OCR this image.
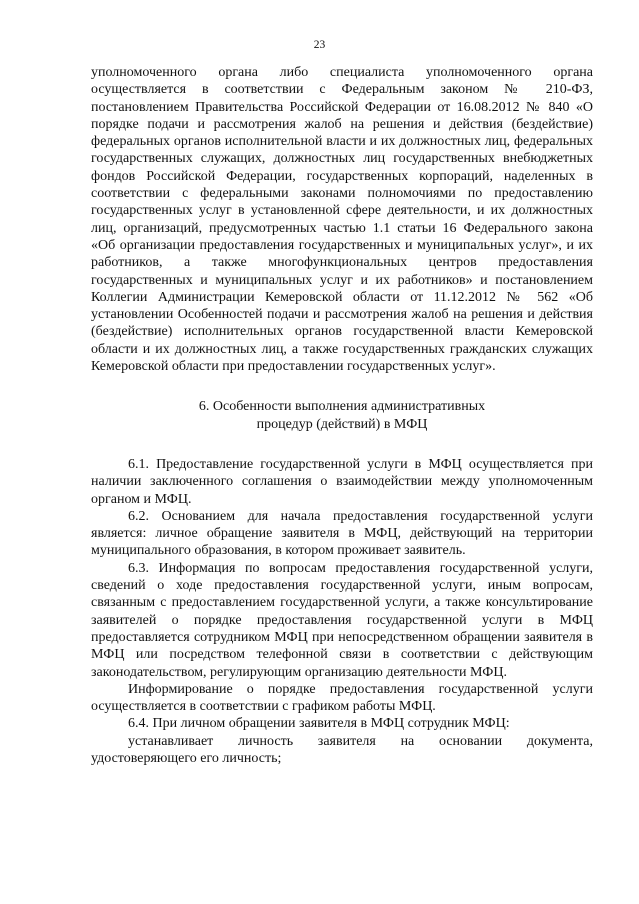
23

уполномоченного органа либо специалиста уполномоченного органа осуществляется в соответствии с Федеральным законом № 210-ФЗ, постановлением Правительства Российской Федерации от 16.08.2012 № 840 «О порядке подачи и рассмотрения жалоб на решения и действия (бездействие) федеральных органов исполнительной власти и их должностных лиц, федеральных государственных служащих, должностных лиц государственных внебюджетных фондов Российской Федерации, государственных корпораций, наделенных в соответствии с федеральными законами полномочиями по предоставлению государственных услуг в установленной сфере деятельности, и их должностных лиц, организаций, предусмотренных частью 1.1 статьи 16 Федерального закона «Об организации предоставления государственных и муниципальных услуг», и их работников, а также многофункциональных центров предоставления государственных и муниципальных услуг и их работников» и постановлением Коллегии Администрации Кемеровской области от 11.12.2012 № 562 «Об установлении Особенностей подачи и рассмотрения жалоб на решения и действия (бездействие) исполнительных органов государственной власти Кемеровской области и их должностных лиц, а также государственных гражданских служащих Кемеровской области при предоставлении государственных услуг».

6. Особенности выполнения административных
процедур (действий) в МФЦ

6.1. Предоставление государственной услуги в МФЦ осуществляется при наличии заключенного соглашения о взаимодействии между уполномоченным органом и МФЦ.

6.2. Основанием для начала предоставления государственной услуги является: личное обращение заявителя в МФЦ, действующий на территории муниципального образования, в котором проживает заявитель.

6.3. Информация по вопросам предоставления государственной услуги, сведений о ходе предоставления государственной услуги, иным вопросам, связанным с предоставлением государственной услуги, а также консультирование заявителей о порядке предоставления государственной услуги в МФЦ предоставляется сотрудником МФЦ при непосредственном обращении заявителя в МФЦ или посредством телефонной связи в соответствии с действующим законодательством, регулирующим организацию деятельности МФЦ.

Информирование о порядке предоставления государственной услуги осуществляется в соответствии с графиком работы МФЦ.

6.4. При личном обращении заявителя в МФЦ сотрудник МФЦ:

устанавливает личность заявителя на основании документа, удостоверяющего его личность;
